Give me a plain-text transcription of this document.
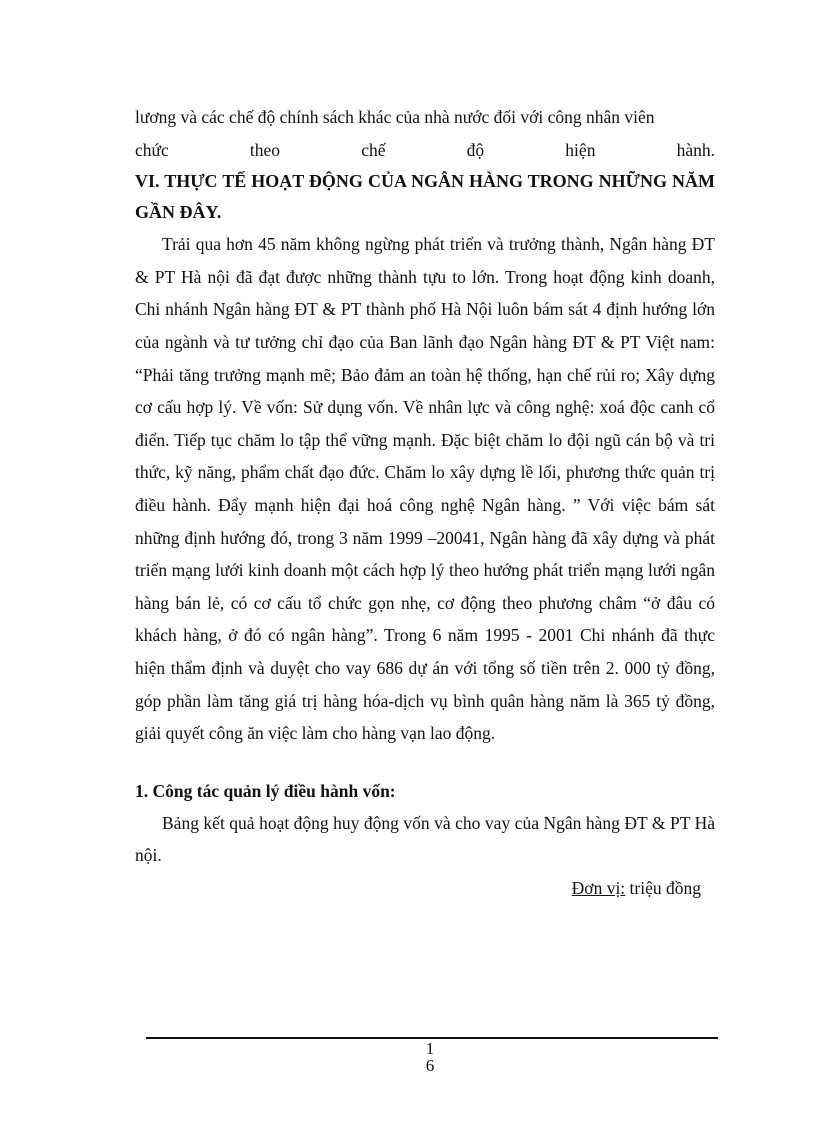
lương và các chế độ chính sách khác của nhà nước đối với công nhân viên

chức theo chế độ hiện hành.

VI. THỰC TẾ HOẠT ĐỘNG CỦA NGÂN HÀNG TRONG NHỮNG NĂM GẦN ĐÂY.

Trải qua hơn 45 năm không ngừng phát triển và trưởng thành, Ngân hàng ĐT & PT Hà nội đã đạt được những thành tựu to lớn. Trong hoạt động kinh doanh, Chi nhánh Ngân hàng ĐT & PT thành phố Hà Nội luôn bám sát 4 định hướng lớn của ngành và tư tưởng chỉ đạo của Ban lãnh đạo Ngân hàng ĐT & PT Việt nam: “Phải tăng trưởng mạnh mẽ; Bảo đảm an toàn hệ thống, hạn chế rủi ro; Xây dựng cơ cấu hợp lý. Về vốn: Sử dụng vốn. Về nhân lực và công nghệ: xoá độc canh cổ điển. Tiếp tục chăm lo tập thể vững mạnh. Đặc biệt chăm lo đội ngũ cán bộ và tri thức, kỹ năng, phẩm chất đạo đức. Chăm lo xây dựng lề lối, phương thức quản trị điều hành. Đẩy mạnh hiện đại hoá công nghệ Ngân hàng. ” Với việc bám sát những định hướng đó, trong 3 năm 1999 –20041, Ngân hàng đã xây dựng và phát triển mạng lưới kinh doanh một cách hợp lý theo hướng phát triển mạng lưới ngân hàng bán lẻ, có cơ cấu tổ chức gọn nhẹ, cơ động theo phương châm “ở đâu có khách hàng, ở đó có ngân hàng”. Trong 6 năm 1995 - 2001 Chi nhánh đã thực hiện thẩm định và duyệt cho vay 686 dự án với tổng số tiền trên 2. 000 tỷ đồng, góp phần làm tăng giá trị hàng hóa-dịch vụ bình quân hàng năm là 365 tỷ đồng, giải quyết công ăn việc làm cho hàng vạn lao động.

1. Công tác quản lý điều hành vốn:

Bảng kết quả hoạt động huy động vốn và cho vay của Ngân hàng ĐT & PT Hà nội.

Đơn vị: triệu đồng

1
6
